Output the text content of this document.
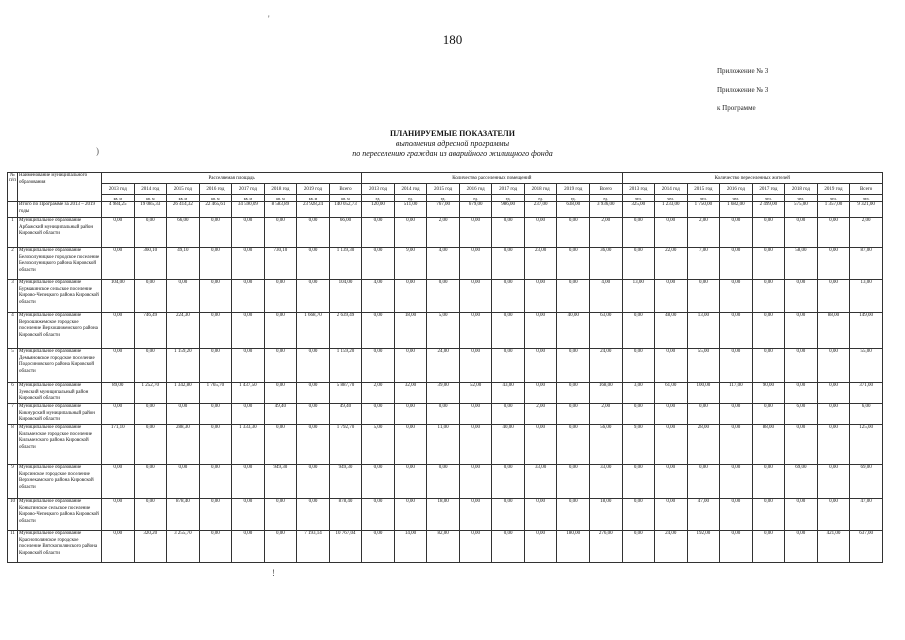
'
!
)
180
Приложение № 3
Приложение № 3
к Программе
ПЛАНИРУЕМЫЕ ПОКАЗАТЕЛИ
выполнения адресной программы
по переселению граждан из аварийного жилищного фонда
№ п/п	Наименование муниципального образования	Расселяемая площадь								Количество расселенных помещений								Количество переселенных жителей							
		2013 год	2014 год	2015 год	2016 год	2017 год	2018 год	2019 год	Всего	2013 год	2014 год	2015 год	2016 год	2017 год	2018 год	2019 год	Всего	2013 год	2014 год	2015 год	2016 год	2017 год	2018 год	2019 год	Всего
		кв. м	кв. м	кв. м	кв. м	кв. м	кв. м	кв. м	кв. м	ед.	ед.	ед.	ед.	ед.	ед.	ед.	ед.	чел.	чел.	чел.	чел.	чел.	чел.	чел.	чел.
	Итого по Программе за 2013 – 2019 годы	4 984,25	19 085,33	26 414,32	22 465,61	34 590,09	8 583,89	23 928,24	140 052,73	120,00	511,00	767,00	679,00	986,00	237,00	638,00	3 936,00	325,00	1 233,00	1 750,00	1 682,00	2 499,00	575,00	1 357,00	9 321,00
1	Муниципальное образование Арбажский муниципальный район Кировской области	0,00	0,00	66,00	0,00	0,00	0,00	0,00	66,00	0,00	0,00	2,00	0,00	0,00	0,00	0,00	2,00	0,00	0,00	2,00	0,00	0,00	0,00	0,00	2,00
2	Муниципальное образование Белохолуницкое городское поселение Белохолуницкого района Кировской области	0,00	360,10	49,10	0,00	0,00	730,10	0,00	1 139,30	0,00	9,00	4,00	0,00	0,00	23,00	0,00	36,00	0,00	22,00	7,00	0,00	0,00	58,00	0,00	87,00
3	Муниципальное образование Бурмакинское сельское поселение Кирово-Чепецкого района Кировской области	104,00	0,00	0,00	0,00	0,00	0,00	0,00	104,00	4,00	0,00	0,00	0,00	0,00	0,00	0,00	4,00	13,00	0,00	0,00	0,00	0,00	0,00	0,00	13,00
4	Муниципальное образование Верхошижемское городское поселение Верхошижемского района Кировской области	0,00	746,49	224,30	0,00	0,00	0,00	1 668,70	2 639,49	0,00	18,00	5,00	0,00	0,00	0,00	40,00	63,00	0,00	48,00	13,00	0,00	0,00	0,00	88,00	149,00
5	Муниципальное образование Демьяновское городское поселение Подосиновского района Кировской области	0,00	0,00	1 159,20	0,00	0,00	0,00	0,00	1 159,20	0,00	0,00	24,00	0,00	0,00	0,00	0,00	24,00	0,00	0,00	55,00	0,00	0,00	0,00	0,00	55,00
6	Муниципальное образование Зуевский муниципальный район Кировской области	89,00	1 252,70	1 342,80	1 765,70	1 437,50	0,00	0,00	5 887,70	2,00	32,00	39,00	52,00	43,00	0,00	0,00	168,00	3,00	61,00	100,00	117,00	90,00	0,00	0,00	371,00
7	Муниципальное образование Кикнурский муниципальный район Кировской области	0,00	0,00	0,00	0,00	0,00	49,40	0,00	49,40	0,00	0,00	0,00	0,00	0,00	2,00	0,00	2,00	0,00	0,00	0,00	0,00	0,00	6,00	0,00	6,00
8	Муниципальное образование Кильмезское городское поселение Кильмезского района Кировской области	171,10	0,00	288,30	0,00	1 333,30	0,00	0,00	1 792,70	5,00	0,00	11,00	0,00	40,00	0,00	0,00	56,00	9,00	0,00	28,00	0,00	88,00	0,00	0,00	125,00
9	Муниципальное образование Кирсинское городское поселение Верхнекамского района Кировской области	0,00	0,00	0,00	0,00	0,00	949,30	0,00	949,30	0,00	0,00	0,00	0,00	0,00	33,00	0,00	33,00	0,00	0,00	0,00	0,00	0,00	69,00	0,00	69,00
10	Муниципальное образование Коныгинское сельское поселение Кирово-Чепецкого района Кировской области	0,00	0,00	878,40	0,00	0,00	0,00	0,00	878,40	0,00	0,00	18,00	0,00	0,00	0,00	0,00	18,00	0,00	0,00	47,00	0,00	0,00	0,00	0,00	47,00
11	Муниципальное образование Краснополянское городское поселение Вятскополянского района Кировской области	0,00	320,20	3 255,70	0,00	0,00	0,00	7 193,14	10 767,04	0,00	14,00	82,00	0,00	0,00	0,00	180,00	276,00	0,00	24,00	192,00	0,00	0,00	0,00	421,00	637,00
